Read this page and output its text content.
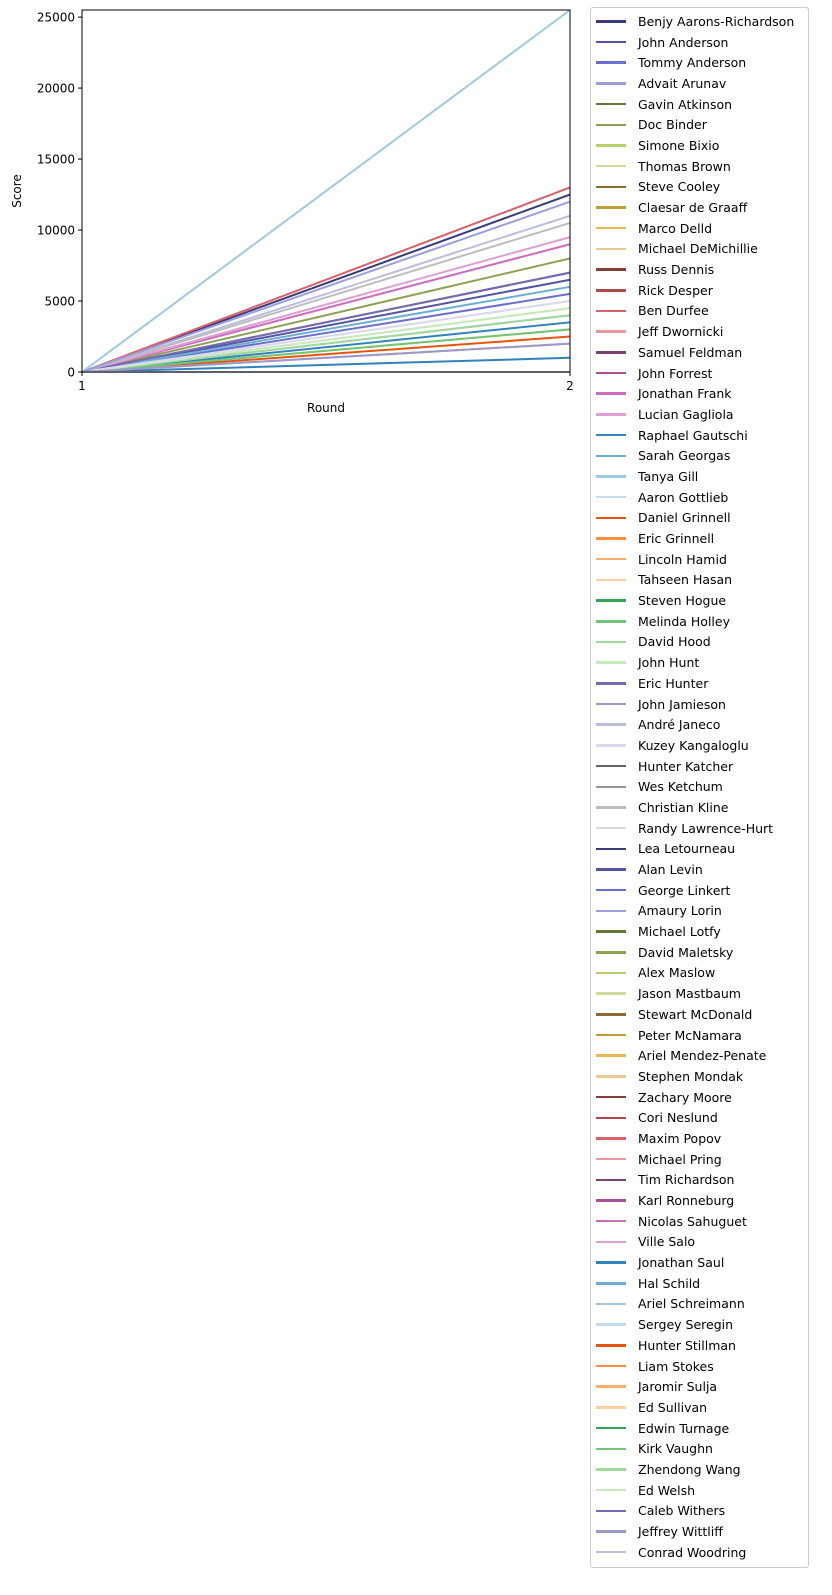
0
5000
10000
15000
20000
25000
1	2
Score
Round
Benjy Aarons-Richardson
John Anderson
Tommy Anderson
Advait Arunav
Gavin Atkinson
Doc Binder
Simone Bixio
Thomas Brown
Steve Cooley
Claesar de Graaff
Marco Delld
Michael DeMichillie
Russ Dennis
Rick Desper
Ben Durfee
Jeff Dwornicki
Samuel Feldman
John Forrest
Jonathan Frank
Lucian Gagliola
Raphael Gautschi
Sarah Georgas
Tanya Gill
Aaron Gottlieb
Daniel Grinnell
Eric Grinnell
Lincoln Hamid
Tahseen Hasan
Steven Hogue
Melinda Holley
David Hood
John Hunt
Eric Hunter
John Jamieson
André Janeco
Kuzey Kangaloglu
Hunter Katcher
Wes Ketchum
Christian Kline
Randy Lawrence-Hurt
Lea Letourneau
Alan Levin
George Linkert
Amaury Lorin
Michael Lotfy
David Maletsky
Alex Maslow
Jason Mastbaum
Stewart McDonald
Peter McNamara
Ariel Mendez-Penate
Stephen Mondak
Zachary Moore
Cori Neslund
Maxim Popov
Michael Pring
Tim Richardson
Karl Ronneburg
Nicolas Sahuguet
Ville Salo
Jonathan Saul
Hal Schild
Ariel Schreimann
Sergey Seregin
Hunter Stillman
Liam Stokes
Jaromir Sulja
Ed Sullivan
Edwin Turnage
Kirk Vaughn
Zhendong Wang
Ed Welsh
Caleb Withers
Jeffrey Wittliff
Conrad Woodring
